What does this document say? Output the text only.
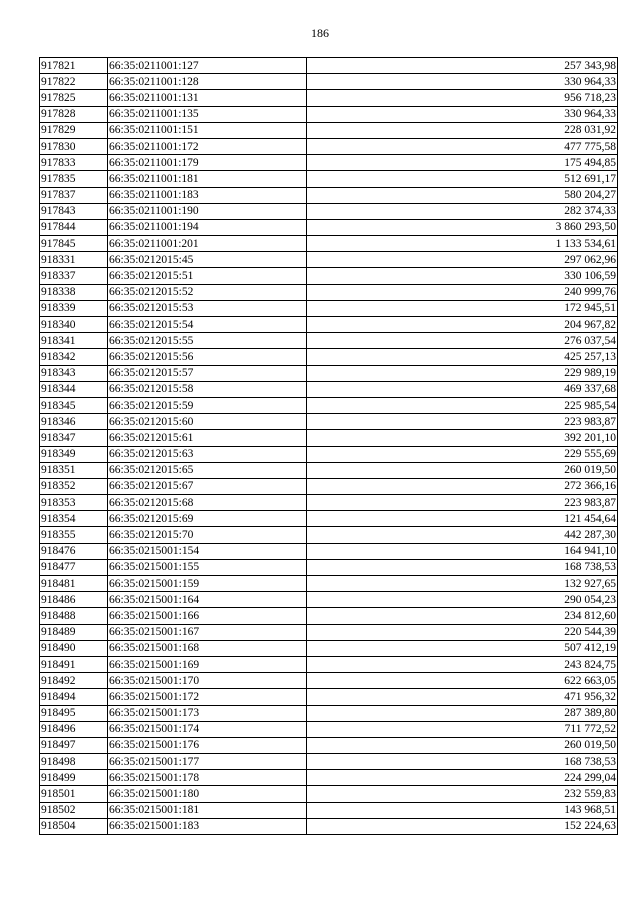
186
917821	66:35:0211001:127	257 343,98
917822	66:35:0211001:128	330 964,33
917825	66:35:0211001:131	956 718,23
917828	66:35:0211001:135	330 964,33
917829	66:35:0211001:151	228 031,92
917830	66:35:0211001:172	477 775,58
917833	66:35:0211001:179	175 494,85
917835	66:35:0211001:181	512 691,17
917837	66:35:0211001:183	580 204,27
917843	66:35:0211001:190	282 374,33
917844	66:35:0211001:194	3 860 293,50
917845	66:35:0211001:201	1 133 534,61
918331	66:35:0212015:45	297 062,96
918337	66:35:0212015:51	330 106,59
918338	66:35:0212015:52	240 999,76
918339	66:35:0212015:53	172 945,51
918340	66:35:0212015:54	204 967,82
918341	66:35:0212015:55	276 037,54
918342	66:35:0212015:56	425 257,13
918343	66:35:0212015:57	229 989,19
918344	66:35:0212015:58	469 337,68
918345	66:35:0212015:59	225 985,54
918346	66:35:0212015:60	223 983,87
918347	66:35:0212015:61	392 201,10
918349	66:35:0212015:63	229 555,69
918351	66:35:0212015:65	260 019,50
918352	66:35:0212015:67	272 366,16
918353	66:35:0212015:68	223 983,87
918354	66:35:0212015:69	121 454,64
918355	66:35:0212015:70	442 287,30
918476	66:35:0215001:154	164 941,10
918477	66:35:0215001:155	168 738,53
918481	66:35:0215001:159	132 927,65
918486	66:35:0215001:164	290 054,23
918488	66:35:0215001:166	234 812,60
918489	66:35:0215001:167	220 544,39
918490	66:35:0215001:168	507 412,19
918491	66:35:0215001:169	243 824,75
918492	66:35:0215001:170	622 663,05
918494	66:35:0215001:172	471 956,32
918495	66:35:0215001:173	287 389,80
918496	66:35:0215001:174	711 772,52
918497	66:35:0215001:176	260 019,50
918498	66:35:0215001:177	168 738,53
918499	66:35:0215001:178	224 299,04
918501	66:35:0215001:180	232 559,83
918502	66:35:0215001:181	143 968,51
918504	66:35:0215001:183	152 224,63
